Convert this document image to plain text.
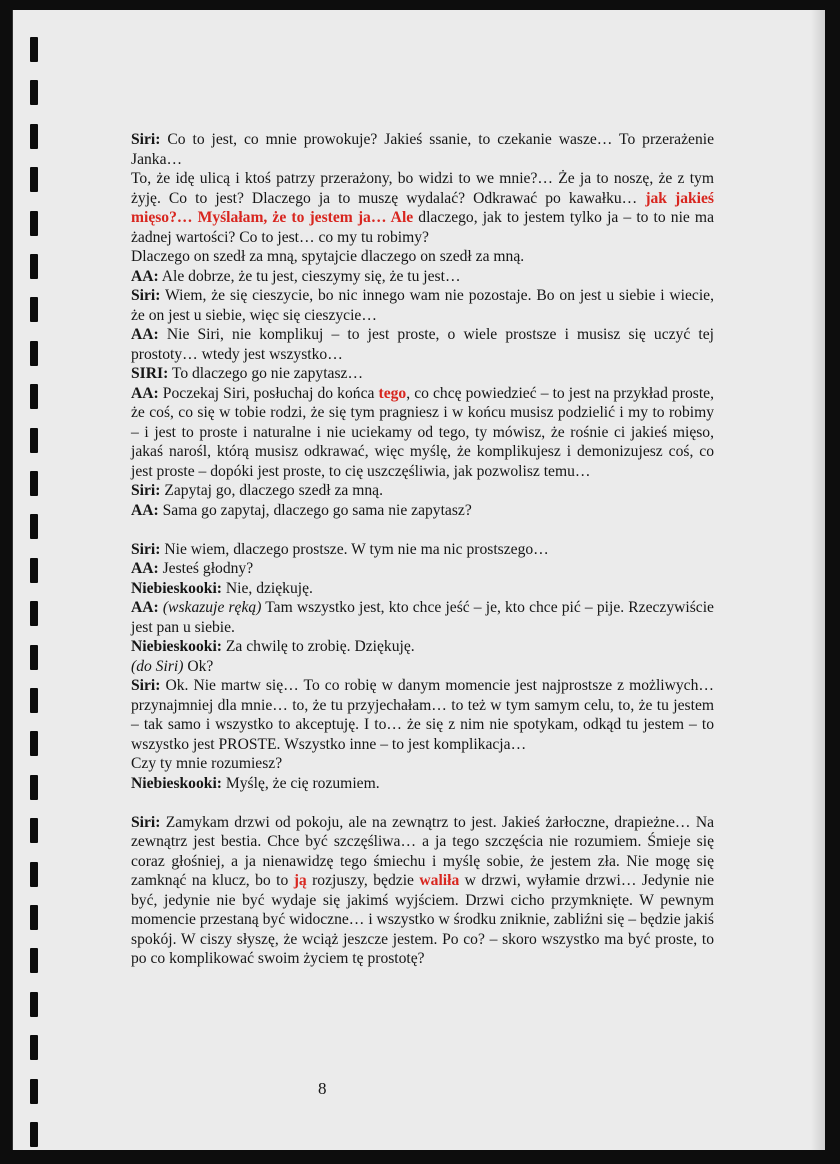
Siri: Co to jest, co mnie prowokuje? Jakieś ssanie, to czekanie wasze… To przerażenie Janka…

To, że idę ulicą i ktoś patrzy przerażony, bo widzi to we mnie?… Że ja to noszę, że z tym żyję. Co to jest? Dlaczego ja to muszę wydalać? Odkrawać po kawałku… jak jakieś mięso?… Myślałam, że to jestem ja… Ale dlaczego, jak to jestem tylko ja – to to nie ma żadnej wartości? Co to jest… co my tu robimy?

Dlaczego on szedł za mną, spytajcie dlaczego on szedł za mną.

AA: Ale dobrze, że tu jest, cieszymy się, że tu jest…

Siri: Wiem, że się cieszycie, bo nic innego wam nie pozostaje. Bo on jest u siebie i wiecie, że on jest u siebie, więc się cieszycie…

AA: Nie Siri, nie komplikuj – to jest proste, o wiele prostsze i musisz się uczyć tej prostoty… wtedy jest wszystko…

SIRI: To dlaczego go nie zapytasz…

AA: Poczekaj Siri, posłuchaj do końca tego, co chcę powiedzieć – to jest na przykład proste, że coś, co się w tobie rodzi, że się tym pragniesz i w końcu musisz podzielić i my to robimy – i jest to proste i naturalne i nie uciekamy od tego, ty mówisz, że rośnie ci jakieś mięso, jakaś narośl, którą musisz odkrawać, więc myślę, że komplikujesz i demonizujesz coś, co jest proste – dopóki jest proste, to cię uszczęśliwia, jak pozwolisz temu…

Siri: Zapytaj go, dlaczego szedł za mną.

AA: Sama go zapytaj, dlaczego go sama nie zapytasz?

Siri: Nie wiem, dlaczego prostsze. W tym nie ma nic prostszego…

AA: Jesteś głodny?

Niebieskooki: Nie, dziękuję.

AA: (wskazuje ręką) Tam wszystko jest, kto chce jeść – je, kto chce pić – pije. Rzeczywiście jest pan u siebie.

Niebieskooki: Za chwilę to zrobię. Dziękuję.

(do Siri) Ok?

Siri: Ok. Nie martw się… To co robię w danym momencie jest najprostsze z możliwych… przynajmniej dla mnie… to, że tu przyjechałam… to też w tym samym celu, to, że tu jestem – tak samo i wszystko to akceptuję. I to… że się z nim nie spotykam, odkąd tu jestem – to wszystko jest PROSTE. Wszystko inne – to jest komplikacja…

Czy ty mnie rozumiesz?

Niebieskooki: Myślę, że cię rozumiem.

Siri: Zamykam drzwi od pokoju, ale na zewnątrz to jest. Jakieś żarłoczne, drapieżne… Na zewnątrz jest bestia. Chce być szczęśliwa… a ja tego szczęścia nie rozumiem. Śmieje się coraz głośniej, a ja nienawidzę tego śmiechu i myślę sobie, że jestem zła. Nie mogę się zamknąć na klucz, bo to ją rozjuszy, będzie waliła w drzwi, wyłamie drzwi… Jedynie nie być, jedynie nie być wydaje się jakimś wyjściem. Drzwi cicho przymknięte. W pewnym momencie przestaną być widoczne… i wszystko w środku zniknie, zabliźni się – będzie jakiś spokój. W ciszy słyszę, że wciąż jeszcze jestem. Po co? – skoro wszystko ma być proste, to po co komplikować swoim życiem tę prostotę?

8
